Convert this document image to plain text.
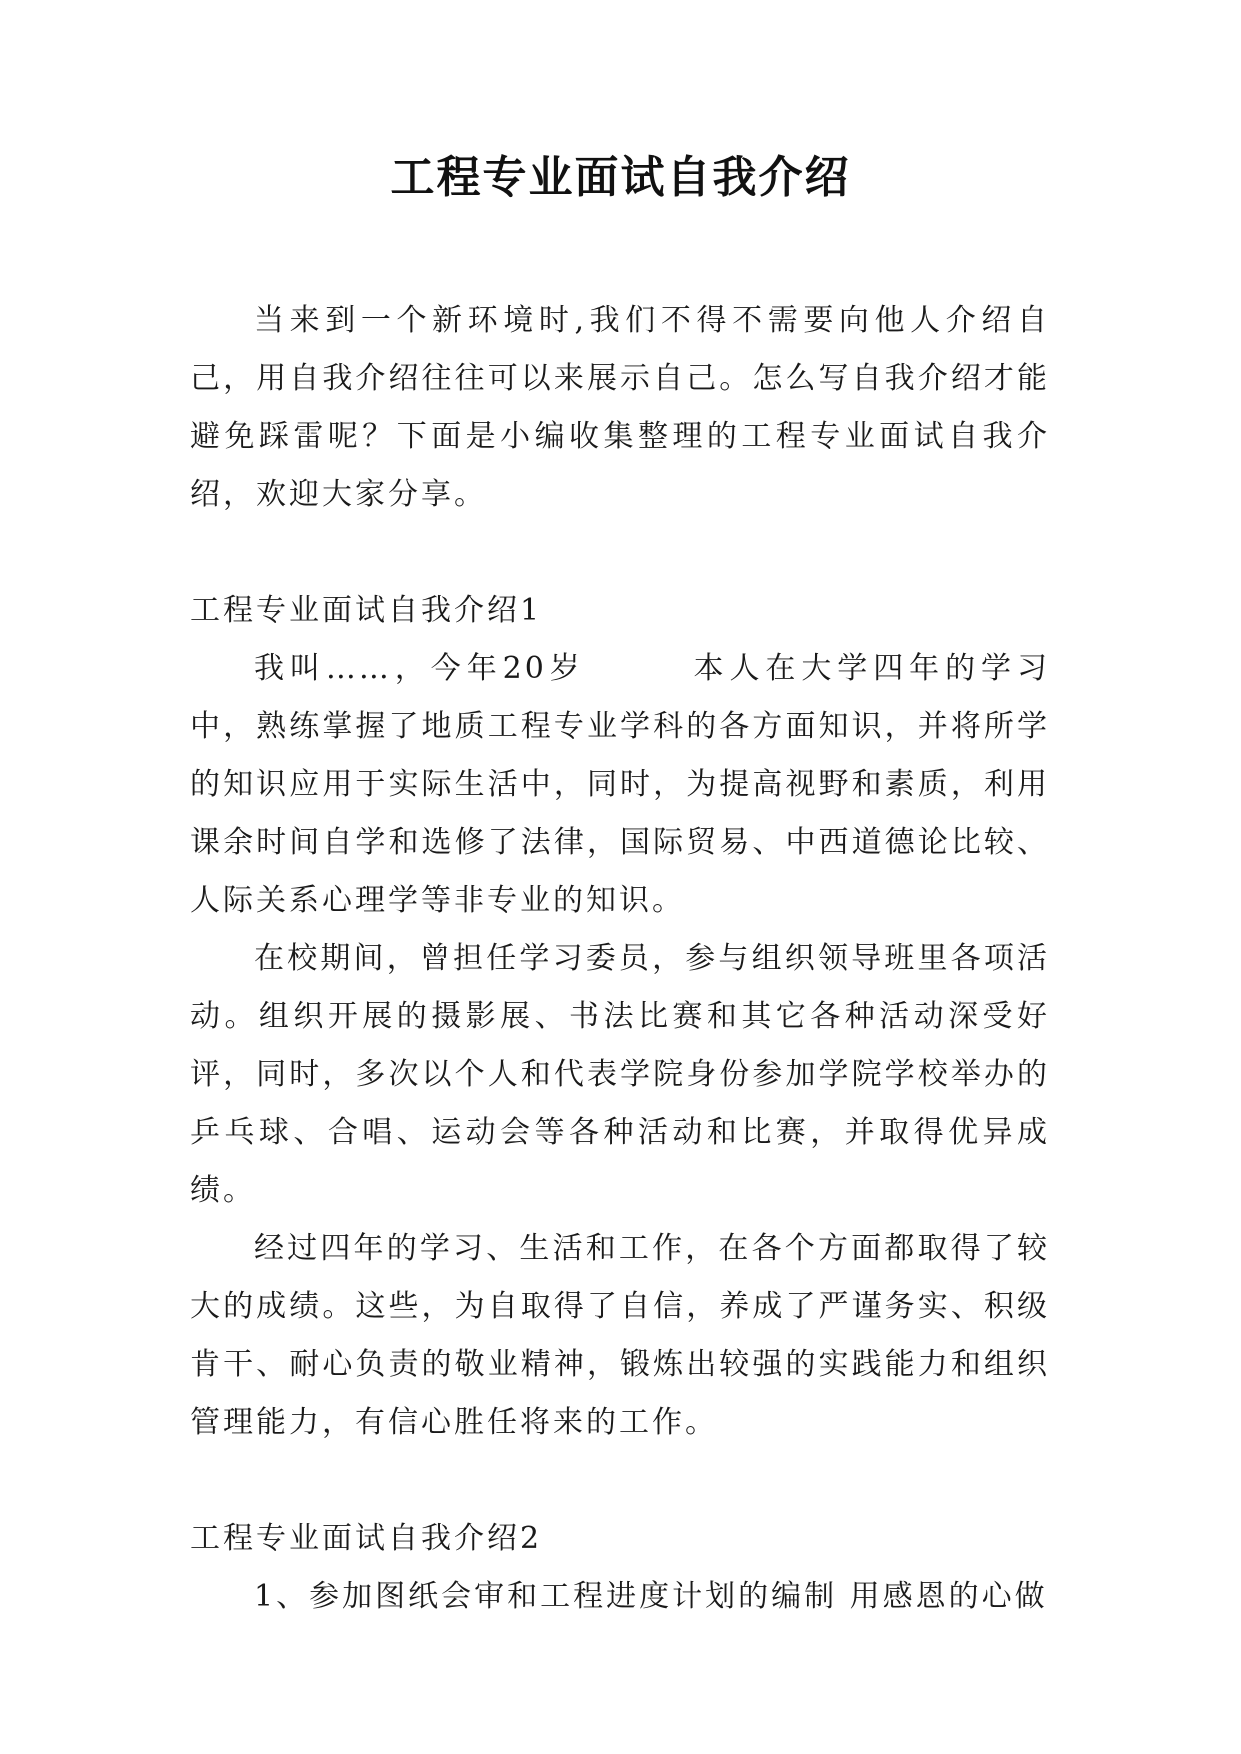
工程专业面试自我介绍

当来到一个新环境时,我们不得不需要向他人介绍自己，用自我介绍往往可以来展示自己。怎么写自我介绍才能避免踩雷呢？下面是小编收集整理的工程专业面试自我介绍，欢迎大家分享。

工程专业面试自我介绍1

我叫……，今年20岁　　　本人在大学四年的学习中，熟练掌握了地质工程专业学科的各方面知识，并将所学的知识应用于实际生活中，同时，为提高视野和素质，利用课余时间自学和选修了法律，国际贸易、中西道德论比较、人际关系心理学等非专业的知识。

在校期间，曾担任学习委员，参与组织领导班里各项活动。组织开展的摄影展、书法比赛和其它各种活动深受好评，同时，多次以个人和代表学院身份参加学院学校举办的乒乓球、合唱、运动会等各种活动和比赛，并取得优异成绩。

经过四年的学习、生活和工作，在各个方面都取得了较大的成绩。这些，为自取得了自信，养成了严谨务实、积级肯干、耐心负责的敬业精神，锻炼出较强的实践能力和组织管理能力，有信心胜任将来的工作。

工程专业面试自我介绍2

1、参加图纸会审和工程进度计划的编制 用感恩的心做
